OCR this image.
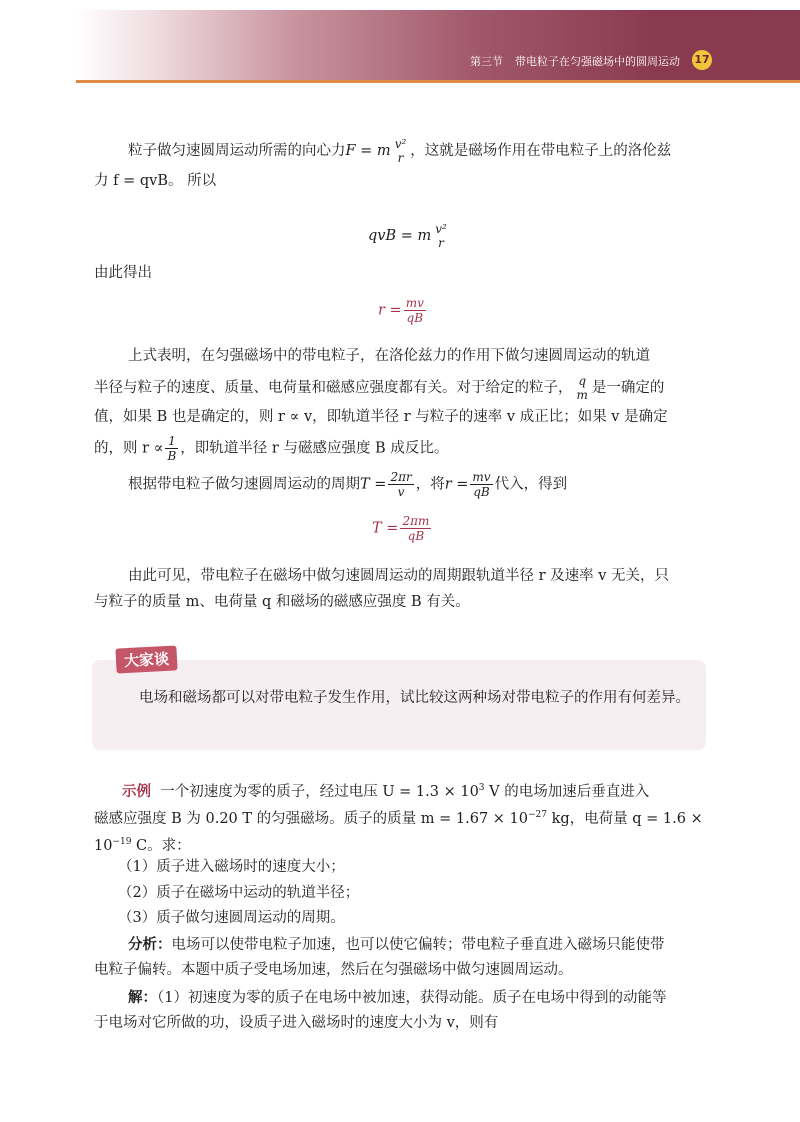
第三节 带电粒子在匀强磁场中的圆周运动	17
粒子做匀速圆周运动所需的向心力F = m v²
r ，这就是磁场作用在带电粒子上的洛伦兹
力 f = qvB。 所以
qvB = m v²
r
由此得出
$r = \frac{mv}{qB}$
上式表明，在匀强磁场中的带电粒子，在洛伦兹力的作用下做匀速圆周运动的轨道
半径与粒子的速度、质量、电荷量和磁感应强度都有关。对于给定的粒子， q
m 是一确定的
值，如果 B 也是确定的，则 r ∝ v，即轨道半径 r 与粒子的速率 v 成正比；如果 v 是确定
的，则 $r \propto \frac{1}{B}$ ，即轨道半径 r 与磁感应强度 B 成反比。
根据带电粒子做匀速圆周运动的周期$T = \frac{2\pi r}{v}$ ，将$r = \frac{mv}{qB}$ 代入，得到
$T = \frac{2\pi m}{qB}$
由此可见，带电粒子在磁场中做匀速圆周运动的周期跟轨道半径 r 及速率 v 无关，只
与粒子的质量 m、电荷量 q 和磁场的磁感应强度 B 有关。
大家谈
电场和磁场都可以对带电粒子发生作用，试比较这两种场对带电粒子的作用有何差异。
示例 一个初速度为零的质子，经过电压 $U = 1.3 \times 10^3$ V 的电场加速后垂直进入
磁感应强度 B 为 0.20 T 的匀强磁场。质子的质量 $m = 1.67 \times 10^{-27}$ kg，电荷量 q = 1.6 ×
$10^{-19}$ C。求：
（1）质子进入磁场时的速度大小；
（2）质子在磁场中运动的轨道半径；
（3）质子做匀速圆周运动的周期。
分析：电场可以使带电粒子加速，也可以使它偏转；带电粒子垂直进入磁场只能使带
电粒子偏转。本题中质子受电场加速，然后在匀强磁场中做匀速圆周运动。
解：（1）初速度为零的质子在电场中被加速，获得动能。质子在电场中得到的动能等
于电场对它所做的功，设质子进入磁场时的速度大小为 v，则有
